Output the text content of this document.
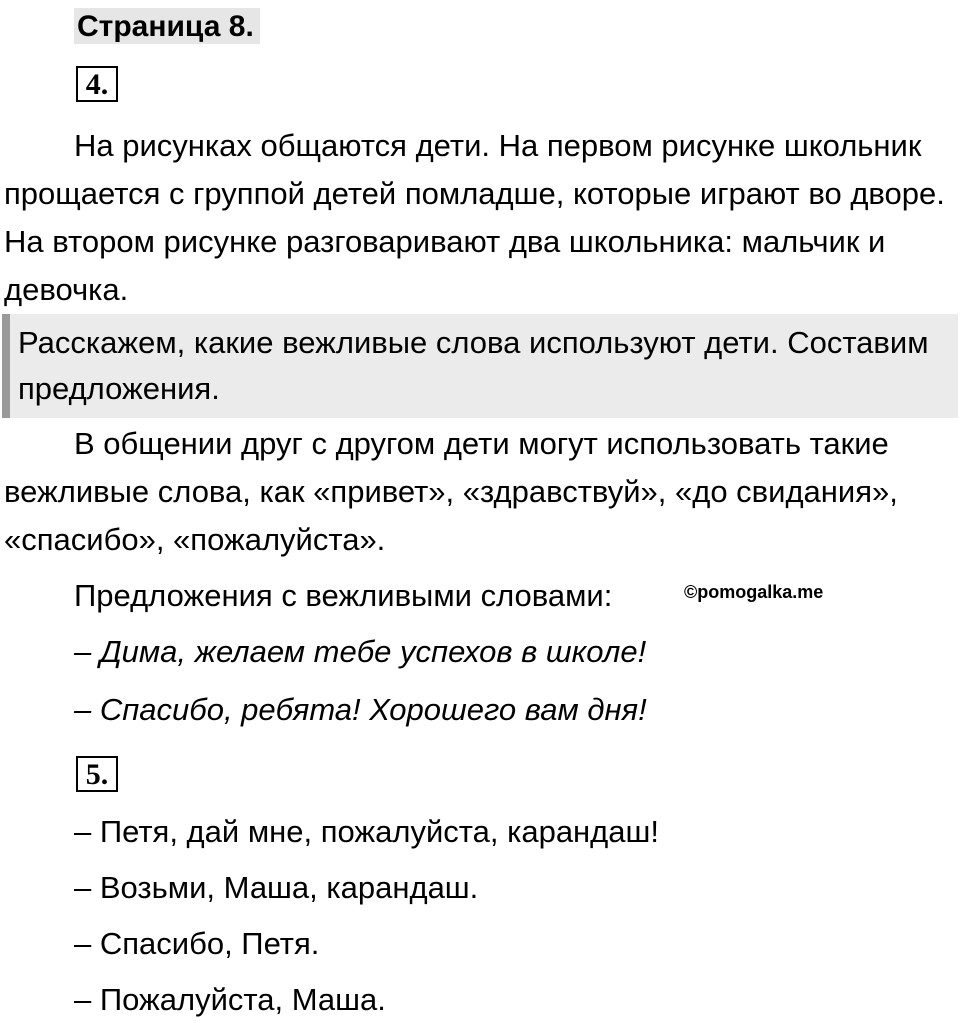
Страница 8.
4.

На рисунках общаются дети. На первом рисунке школьник прощается с группой детей помладше, которые играют во дворе. На втором рисунке разговаривают два школьника: мальчик и девочка.

Расскажем, какие вежливые слова используют дети. Составим предложения.

В общении друг с другом дети могут использовать такие вежливые слова, как «привет», «здравствуй», «до свидания», «спасибо», «пожалуйста».

Предложения с вежливыми словами:	©pomogalka.me
– Дима, желаем тебе успехов в школе!
– Спасибо, ребята! Хорошего вам дня!
5.
– Петя, дай мне, пожалуйста, карандаш!
– Возьми, Маша, карандаш.
– Спасибо, Петя.
– Пожалуйста, Маша.
